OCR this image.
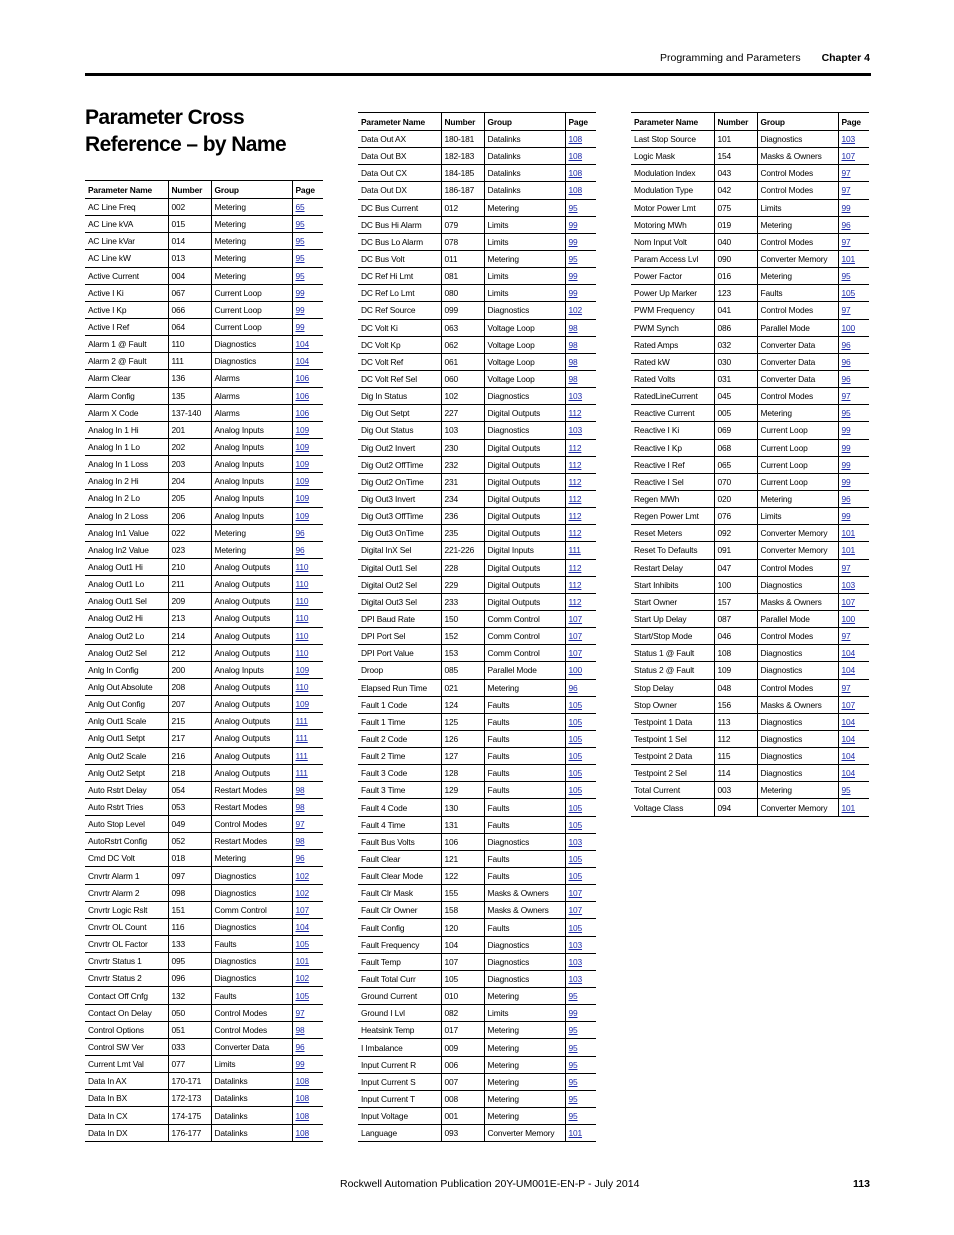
Programming and Parameters Chapter 4
Parameter Cross Reference – by Name
Parameter Name	Number	Group	Page
AC Line Freq	002	Metering	65
AC Line kVA	015	Metering	95
AC Line kVar	014	Metering	95
AC Line kW	013	Metering	95
Active Current	004	Metering	95
Active I Ki	067	Current Loop	99
Active I Kp	066	Current Loop	99
Active I Ref	064	Current Loop	99
Alarm 1 @ Fault	110	Diagnostics	104
Alarm 2 @ Fault	111	Diagnostics	104
Alarm Clear	136	Alarms	106
Alarm Config	135	Alarms	106
Alarm X Code	137-140	Alarms	106
Analog In 1 Hi	201	Analog Inputs	109
Analog In 1 Lo	202	Analog Inputs	109
Analog In 1 Loss	203	Analog Inputs	109
Analog In 2 Hi	204	Analog Inputs	109
Analog In 2 Lo	205	Analog Inputs	109
Analog In 2 Loss	206	Analog Inputs	109
Analog In1 Value	022	Metering	96
Analog In2 Value	023	Metering	96
Analog Out1 Hi	210	Analog Outputs	110
Analog Out1 Lo	211	Analog Outputs	110
Analog Out1 Sel	209	Analog Outputs	110
Analog Out2 Hi	213	Analog Outputs	110
Analog Out2 Lo	214	Analog Outputs	110
Analog Out2 Sel	212	Analog Outputs	110
Anlg In Config	200	Analog Inputs	109
Anlg Out Absolute	208	Analog Outputs	110
Anlg Out Config	207	Analog Outputs	109
Anlg Out1 Scale	215	Analog Outputs	111
Anlg Out1 Setpt	217	Analog Outputs	111
Anlg Out2 Scale	216	Analog Outputs	111
Anlg Out2 Setpt	218	Analog Outputs	111
Auto Rstrt Delay	054	Restart Modes	98
Auto Rstrt Tries	053	Restart Modes	98
Auto Stop Level	049	Control Modes	97
AutoRstrt Config	052	Restart Modes	98
Cmd DC Volt	018	Metering	96
Cnvrtr Alarm 1	097	Diagnostics	102
Cnvrtr Alarm 2	098	Diagnostics	102
Cnvrtr Logic Rslt	151	Comm Control	107
Cnvrtr OL Count	116	Diagnostics	104
Cnvrtr OL Factor	133	Faults	105
Cnvrtr Status 1	095	Diagnostics	101
Cnvrtr Status 2	096	Diagnostics	102
Contact Off Cnfg	132	Faults	105
Contact On Delay	050	Control Modes	97
Control Options	051	Control Modes	98
Control SW Ver	033	Converter Data	96
Current Lmt Val	077	Limits	99
Data In AX	170-171	Datalinks	108
Data In BX	172-173	Datalinks	108
Data In CX	174-175	Datalinks	108
Data In DX	176-177	Datalinks	108
Parameter Name	Number	Group	Page
Data Out AX	180-181	Datalinks	108
Data Out BX	182-183	Datalinks	108
Data Out CX	184-185	Datalinks	108
Data Out DX	186-187	Datalinks	108
DC Bus Current	012	Metering	95
DC Bus Hi Alarm	079	Limits	99
DC Bus Lo Alarm	078	Limits	99
DC Bus Volt	011	Metering	95
DC Ref Hi Lmt	081	Limits	99
DC Ref Lo Lmt	080	Limits	99
DC Ref Source	099	Diagnostics	102
DC Volt Ki	063	Voltage Loop	98
DC Volt Kp	062	Voltage Loop	98
DC Volt Ref	061	Voltage Loop	98
DC Volt Ref Sel	060	Voltage Loop	98
Dig In Status	102	Diagnostics	103
Dig Out Setpt	227	Digital Outputs	112
Dig Out Status	103	Diagnostics	103
Dig Out2 Invert	230	Digital Outputs	112
Dig Out2 OffTime	232	Digital Outputs	112
Dig Out2 OnTime	231	Digital Outputs	112
Dig Out3 Invert	234	Digital Outputs	112
Dig Out3 OffTime	236	Digital Outputs	112
Dig Out3 OnTime	235	Digital Outputs	112
Digital InX Sel	221-226	Digital Inputs	111
Digital Out1 Sel	228	Digital Outputs	112
Digital Out2 Sel	229	Digital Outputs	112
Digital Out3 Sel	233	Digital Outputs	112
DPI Baud Rate	150	Comm Control	107
DPI Port Sel	152	Comm Control	107
DPI Port Value	153	Comm Control	107
Droop	085	Parallel Mode	100
Elapsed Run Time	021	Metering	96
Fault 1 Code	124	Faults	105
Fault 1 Time	125	Faults	105
Fault 2 Code	126	Faults	105
Fault 2 Time	127	Faults	105
Fault 3 Code	128	Faults	105
Fault 3 Time	129	Faults	105
Fault 4 Code	130	Faults	105
Fault 4 Time	131	Faults	105
Fault Bus Volts	106	Diagnostics	103
Fault Clear	121	Faults	105
Fault Clear Mode	122	Faults	105
Fault Clr Mask	155	Masks & Owners	107
Fault Clr Owner	158	Masks & Owners	107
Fault Config	120	Faults	105
Fault Frequency	104	Diagnostics	103
Fault Temp	107	Diagnostics	103
Fault Total Curr	105	Diagnostics	103
Ground Current	010	Metering	95
Ground I Lvl	082	Limits	99
Heatsink Temp	017	Metering	95
I Imbalance	009	Metering	95
Input Current R	006	Metering	95
Input Current S	007	Metering	95
Input Current T	008	Metering	95
Input Voltage	001	Metering	95
Language	093	Converter Memory	101
Parameter Name	Number	Group	Page
Last Stop Source	101	Diagnostics	103
Logic Mask	154	Masks & Owners	107
Modulation Index	043	Control Modes	97
Modulation Type	042	Control Modes	97
Motor Power Lmt	075	Limits	99
Motoring MWh	019	Metering	96
Nom Input Volt	040	Control Modes	97
Param Access Lvl	090	Converter Memory	101
Power Factor	016	Metering	95
Power Up Marker	123	Faults	105
PWM Frequency	041	Control Modes	97
PWM Synch	086	Parallel Mode	100
Rated Amps	032	Converter Data	96
Rated kW	030	Converter Data	96
Rated Volts	031	Converter Data	96
RatedLineCurrent	045	Control Modes	97
Reactive Current	005	Metering	95
Reactive I Ki	069	Current Loop	99
Reactive I Kp	068	Current Loop	99
Reactive I Ref	065	Current Loop	99
Reactive I Sel	070	Current Loop	99
Regen MWh	020	Metering	96
Regen Power Lmt	076	Limits	99
Reset Meters	092	Converter Memory	101
Reset To Defaults	091	Converter Memory	101
Restart Delay	047	Control Modes	97
Start Inhibits	100	Diagnostics	103
Start Owner	157	Masks & Owners	107
Start Up Delay	087	Parallel Mode	100
Start/Stop Mode	046	Control Modes	97
Status 1 @ Fault	108	Diagnostics	104
Status 2 @ Fault	109	Diagnostics	104
Stop Delay	048	Control Modes	97
Stop Owner	156	Masks & Owners	107
Testpoint 1 Data	113	Diagnostics	104
Testpoint 1 Sel	112	Diagnostics	104
Testpoint 2 Data	115	Diagnostics	104
Testpoint 2 Sel	114	Diagnostics	104
Total Current	003	Metering	95
Voltage Class	094	Converter Memory	101
Rockwell Automation Publication 20Y-UM001E-EN-P - July 2014	113
